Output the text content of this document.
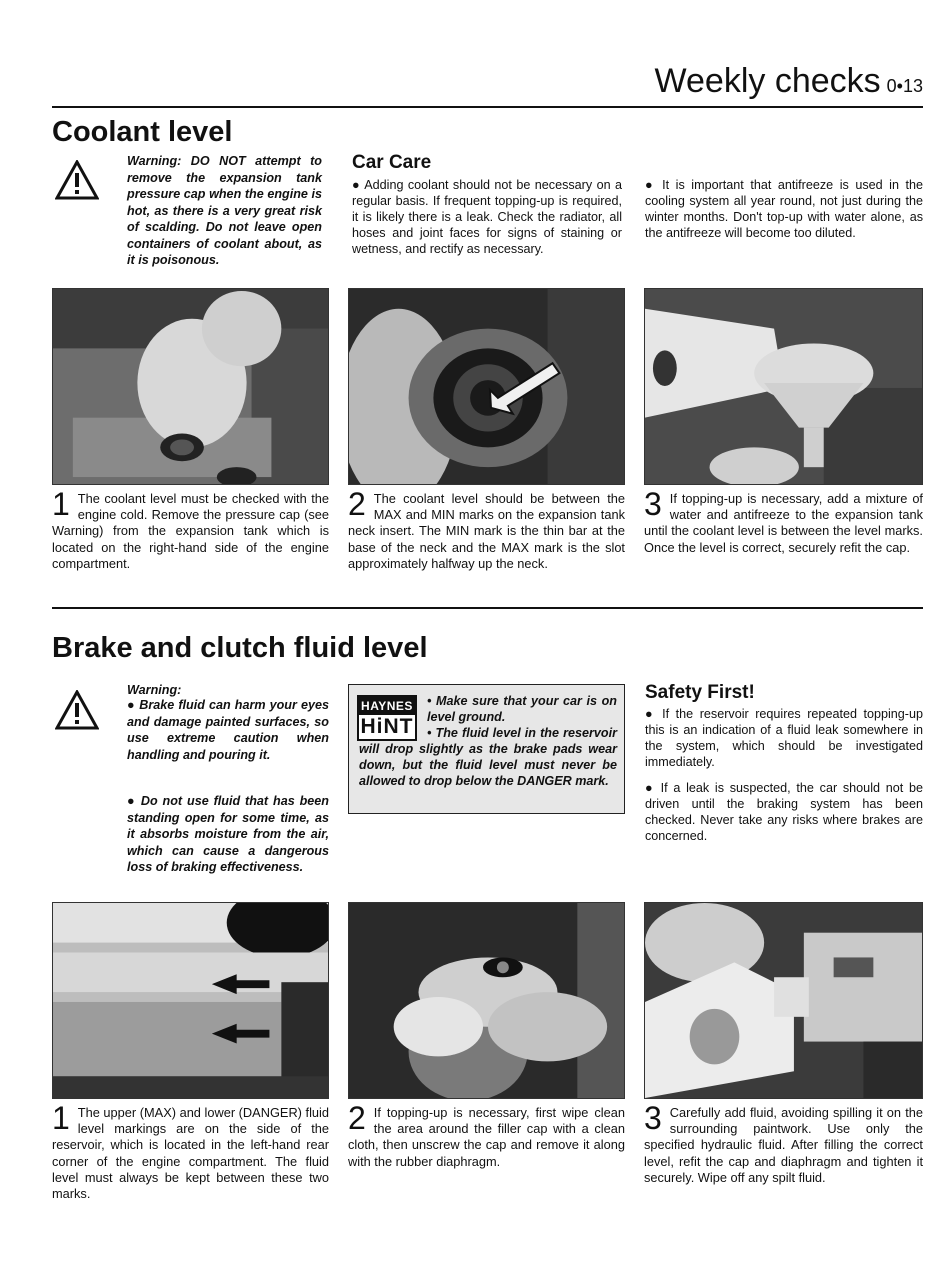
Weekly checks 0•13
Coolant level
Warning: DO NOT attempt to remove the expansion tank pressure cap when the engine is hot, as there is a very great risk of scalding. Do not leave open containers of coolant about, as it is poisonous.
Car Care
● Adding coolant should not be necessary on a regular basis. If frequent topping-up is required, it is likely there is a leak. Check the radiator, all hoses and joint faces for signs of staining or wetness, and rectify as necessary.
● It is important that antifreeze is used in the cooling system all year round, not just during the winter months. Don't top-up with water alone, as the antifreeze will become too diluted.
1 The coolant level must be checked with the engine cold. Remove the pressure cap (see Warning) from the expansion tank which is located on the right-hand side of the engine compartment.
2 The coolant level should be between the MAX and MIN marks on the expansion tank neck insert. The MIN mark is the thin bar at the base of the neck and the MAX mark is the slot approximately halfway up the neck.
3 If topping-up is necessary, add a mixture of water and antifreeze to the expansion tank until the coolant level is between the level marks. Once the level is correct, securely refit the cap.
Brake and clutch fluid level
Warning:
● Brake fluid can harm your eyes and damage painted surfaces, so use extreme caution when handling and pouring it.
● Do not use fluid that has been standing open for some time, as it absorbs moisture from the air, which can cause a dangerous loss of braking effectiveness.
HAYNES
HiNT
• Make sure that your car is on level ground.
• The fluid level in the reservoir will drop slightly as the brake pads wear down, but the fluid level must never be allowed to drop below the DANGER mark.
Safety First!
● If the reservoir requires repeated topping-up this is an indication of a fluid leak somewhere in the system, which should be investigated immediately.
● If a leak is suspected, the car should not be driven until the braking system has been checked. Never take any risks where brakes are concerned.
1 The upper (MAX) and lower (DANGER) fluid level markings are on the side of the reservoir, which is located in the left-hand rear corner of the engine compartment. The fluid level must always be kept between these two marks.
2 If topping-up is necessary, first wipe clean the area around the filler cap with a clean cloth, then unscrew the cap and remove it along with the rubber diaphragm.
3 Carefully add fluid, avoiding spilling it on the surrounding paintwork. Use only the specified hydraulic fluid. After filling the correct level, refit the cap and diaphragm and tighten it securely. Wipe off any spilt fluid.
